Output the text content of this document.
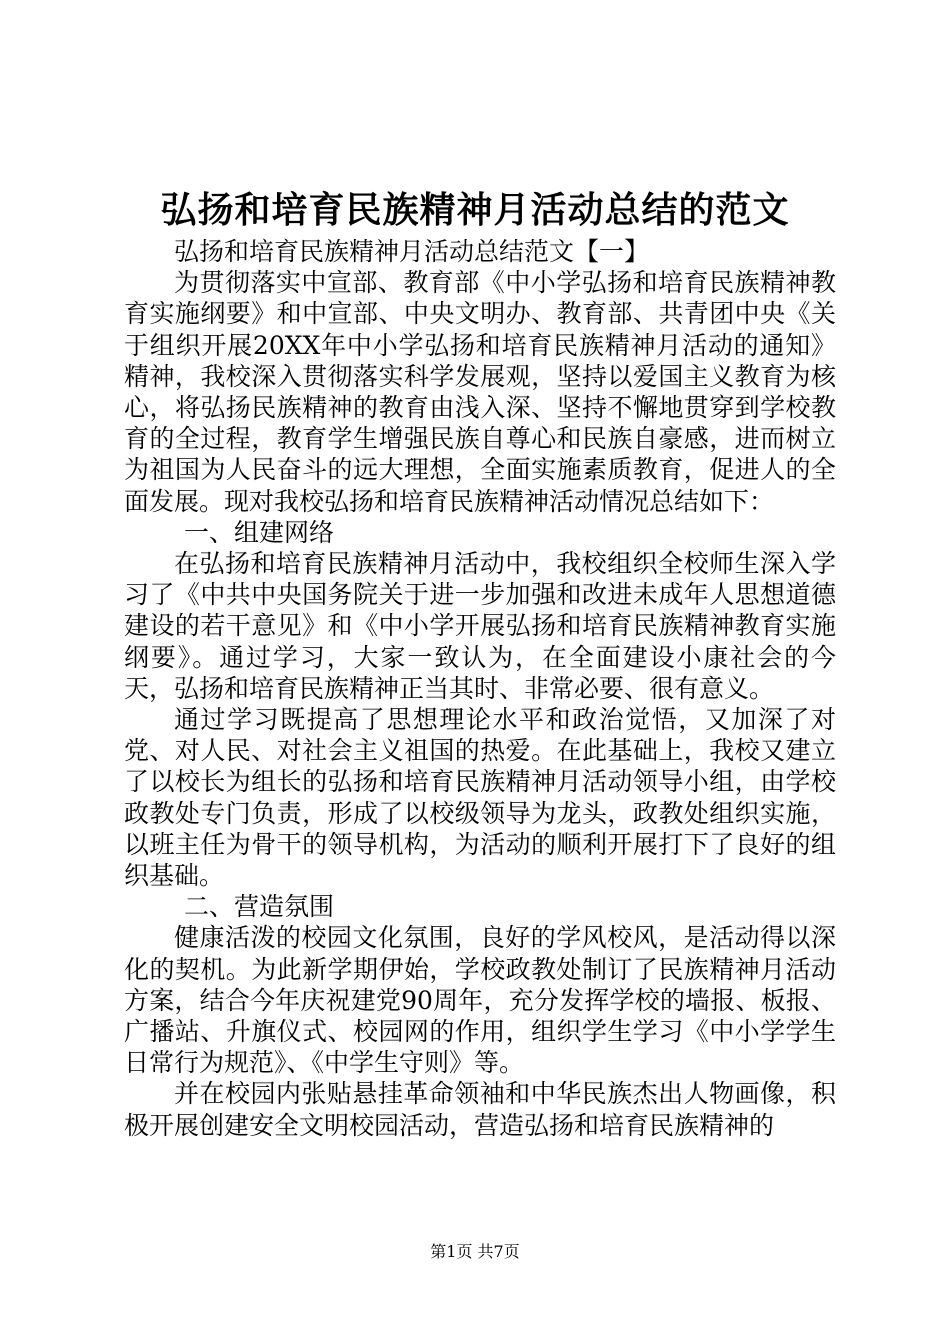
弘扬和培育民族精神月活动总结的范文

弘扬和培育民族精神月活动总结范文【一】

为贯彻落实中宣部、教育部《中小学弘扬和培育民族精神教育实施纲要》和中宣部、中央文明办、教育部、共青团中央《关于组织开展20XX年中小学弘扬和培育民族精神月活动的通知》精神，我校深入贯彻落实科学发展观，坚持以爱国主义教育为核心，将弘扬民族精神的教育由浅入深、坚持不懈地贯穿到学校教育的全过程，教育学生增强民族自尊心和民族自豪感，进而树立为祖国为人民奋斗的远大理想，全面实施素质教育，促进人的全面发展。现对我校弘扬和培育民族精神活动情况总结如下：

一、组建网络

在弘扬和培育民族精神月活动中，我校组织全校师生深入学习了《中共中央国务院关于进一步加强和改进未成年人思想道德建设的若干意见》和《中小学开展弘扬和培育民族精神教育实施纲要》。通过学习，大家一致认为，在全面建设小康社会的今天，弘扬和培育民族精神正当其时、非常必要、很有意义。

通过学习既提高了思想理论水平和政治觉悟，又加深了对党、对人民、对社会主义祖国的热爱。在此基础上，我校又建立了以校长为组长的弘扬和培育民族精神月活动领导小组，由学校政教处专门负责，形成了以校级领导为龙头，政教处组织实施，以班主任为骨干的领导机构，为活动的顺利开展打下了良好的组织基础。

二、营造氛围

健康活泼的校园文化氛围，良好的学风校风，是活动得以深化的契机。为此新学期伊始，学校政教处制订了民族精神月活动方案，结合今年庆祝建党90周年，充分发挥学校的墙报、板报、广播站、升旗仪式、校园网的作用，组织学生学习《中小学学生日常行为规范》、《中学生守则》等。

并在校园内张贴悬挂革命领袖和中华民族杰出人物画像，积极开展创建安全文明校园活动，营造弘扬和培育民族精神的

第1页 共7页
